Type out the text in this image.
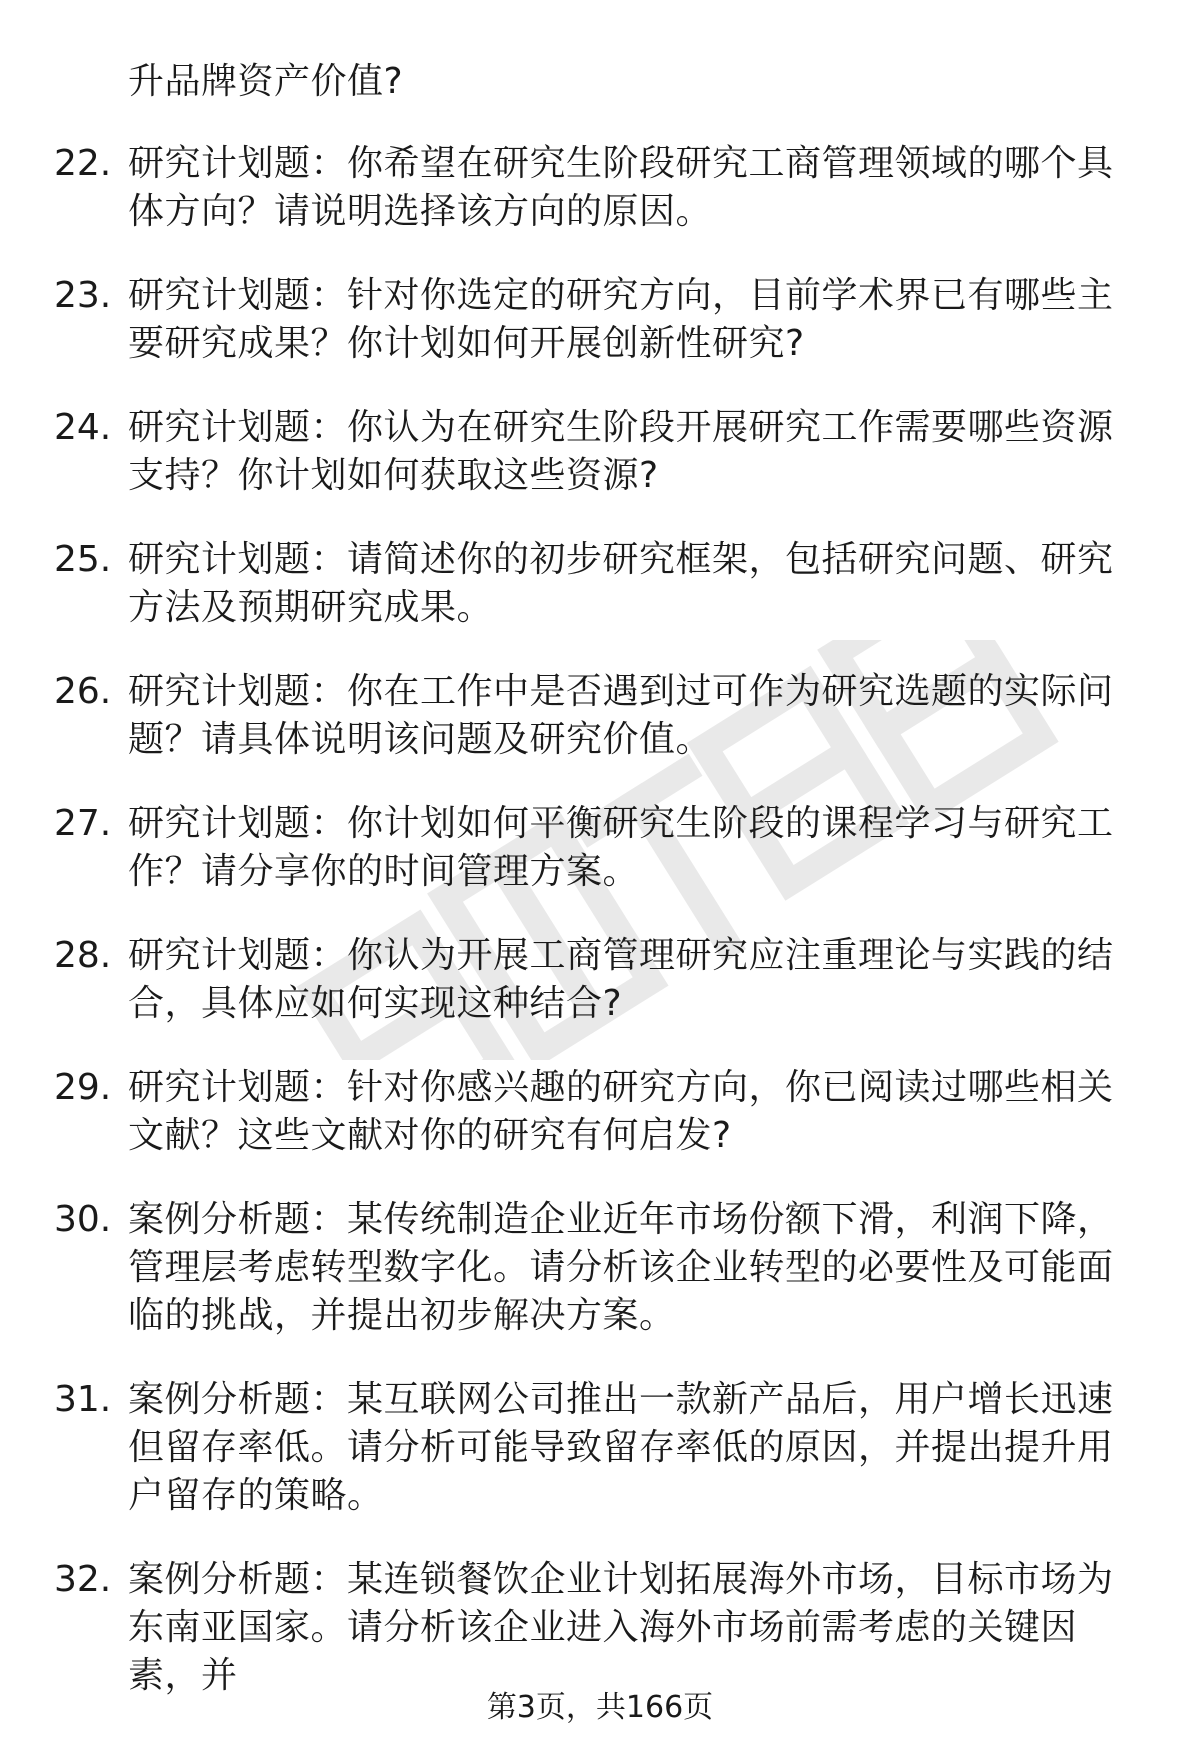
升品牌资产价值?
22. 研究计划题：你希望在研究生阶段研究工商管理领域的哪个具体方向？请说明选择该方向的原因。
23. 研究计划题：针对你选定的研究方向，目前学术界已有哪些主要研究成果？你计划如何开展创新性研究?
24. 研究计划题：你认为在研究生阶段开展研究工作需要哪些资源支持？你计划如何获取这些资源?
25. 研究计划题：请简述你的初步研究框架，包括研究问题、研究方法及预期研究成果。
26. 研究计划题：你在工作中是否遇到过可作为研究选题的实际问题？请具体说明该问题及研究价值。
27. 研究计划题：你计划如何平衡研究生阶段的课程学习与研究工作？请分享你的时间管理方案。
28. 研究计划题：你认为开展工商管理研究应注重理论与实践的结合，具体应如何实现这种结合?
29. 研究计划题：针对你感兴趣的研究方向，你已阅读过哪些相关文献？这些文献对你的研究有何启发?
30. 案例分析题：某传统制造企业近年市场份额下滑，利润下降，管理层考虑转型数字化。请分析该企业转型的必要性及可能面临的挑战，并提出初步解决方案。
31. 案例分析题：某互联网公司推出一款新产品后，用户增长迅速但留存率低。请分析可能导致留存率低的原因，并提出提升用户留存的策略。
32. 案例分析题：某连锁餐饮企业计划拓展海外市场，目标市场为东南亚国家。请分析该企业进入海外市场前需考虑的关键因素，并
第3页，共166页
